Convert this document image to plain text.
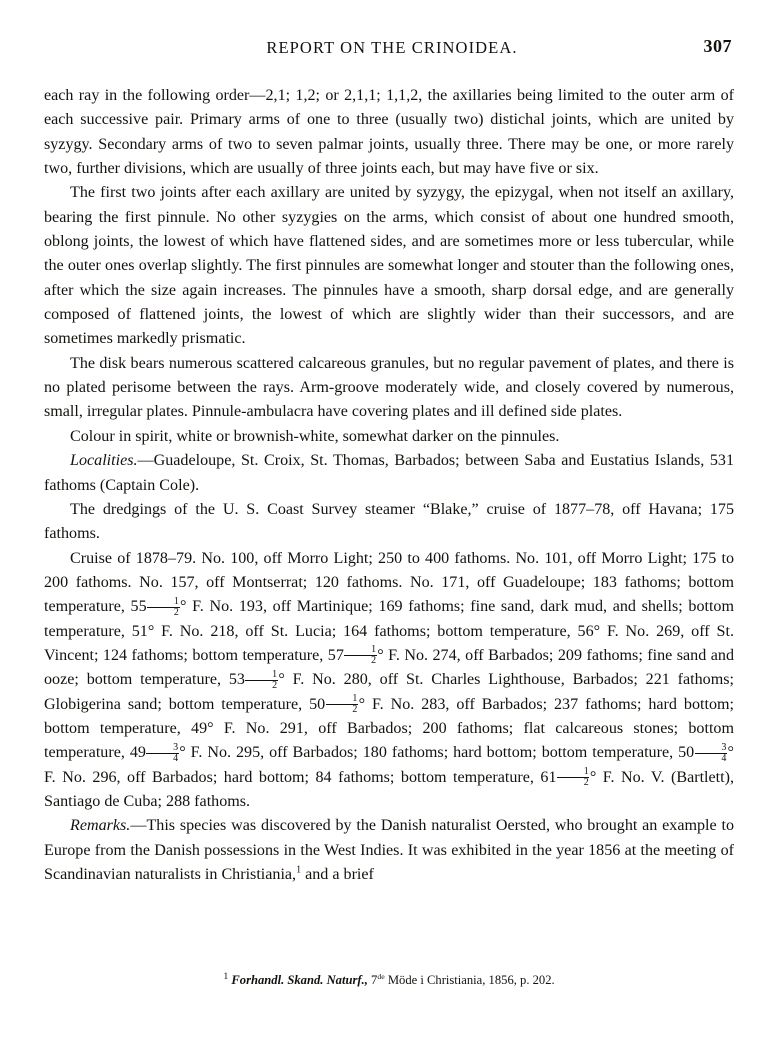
REPORT ON THE CRINOIDEA.	307

each ray in the following order—2,1; 1,2; or 2,1,1; 1,1,2, the axillaries being limited to the outer arm of each successive pair. Primary arms of one to three (usually two) distichal joints, which are united by syzygy. Secondary arms of two to seven palmar joints, usually three. There may be one, or more rarely two, further divisions, which are usually of three joints each, but may have five or six.

The first two joints after each axillary are united by syzygy, the epizygal, when not itself an axillary, bearing the first pinnule. No other syzygies on the arms, which consist of about one hundred smooth, oblong joints, the lowest of which have flattened sides, and are sometimes more or less tubercular, while the outer ones overlap slightly. The first pinnules are somewhat longer and stouter than the following ones, after which the size again increases. The pinnules have a smooth, sharp dorsal edge, and are generally composed of flattened joints, the lowest of which are slightly wider than their successors, and are sometimes markedly prismatic.

The disk bears numerous scattered calcareous granules, but no regular pavement of plates, and there is no plated perisome between the rays. Arm-groove moderately wide, and closely covered by numerous, small, irregular plates. Pinnule-ambulacra have covering plates and ill defined side plates.

Colour in spirit, white or brownish-white, somewhat darker on the pinnules.

Localities.—Guadeloupe, St. Croix, St. Thomas, Barbados; between Saba and Eustatius Islands, 531 fathoms (Captain Cole).

The dredgings of the U. S. Coast Survey steamer “Blake,” cruise of 1877–78, off Havana; 175 fathoms.

Cruise of 1878–79. No. 100, off Morro Light; 250 to 400 fathoms. No. 101, off Morro Light; 175 to 200 fathoms. No. 157, off Montserrat; 120 fathoms. No. 171, off Guadeloupe; 183 fathoms; bottom temperature, $55 \frac{1}{2}$ ° F. No. 193, off Martinique; 169 fathoms; fine sand, dark mud, and shells; bottom temperature, 51° F. No. 218, off St. Lucia; 164 fathoms; bottom temperature, 56° F. No. 269, off St. Vincent; 124 fathoms; bottom temperature, $57 \frac{1}{2}$ ° F. No. 274, off Barbados; 209 fathoms; fine sand and ooze; bottom temperature, $53 \frac{1}{2}$ ° F. No. 280, off St. Charles Lighthouse, Barbados; 221 fathoms; Globigerina sand; bottom temperature, $50 \frac{1}{2}$ ° F. No. 283, off Barbados; 237 fathoms; hard bottom; bottom temperature, 49° F. No. 291, off Barbados; 200 fathoms; flat calcareous stones; bottom temperature, $49 \frac{3}{4}$ ° F. No. 295, off Barbados; 180 fathoms; hard bottom; bottom temperature, $50 \frac{3}{4}$ ° F. No. 296, off Barbados; hard bottom; 84 fathoms; bottom temperature, $61 \frac{1}{2}$ ° F. No. V. (Bartlett), Santiago de Cuba; 288 fathoms.

Remarks.—This species was discovered by the Danish naturalist Oersted, who brought an example to Europe from the Danish possessions in the West Indies. It was exhibited in the year 1856 at the meeting of Scandinavian naturalists in Christiania,$^1$ and a brief

$^1$ Forhandl. Skand. Naturf., 7de Möde i Christiania, 1856, p. 202.
